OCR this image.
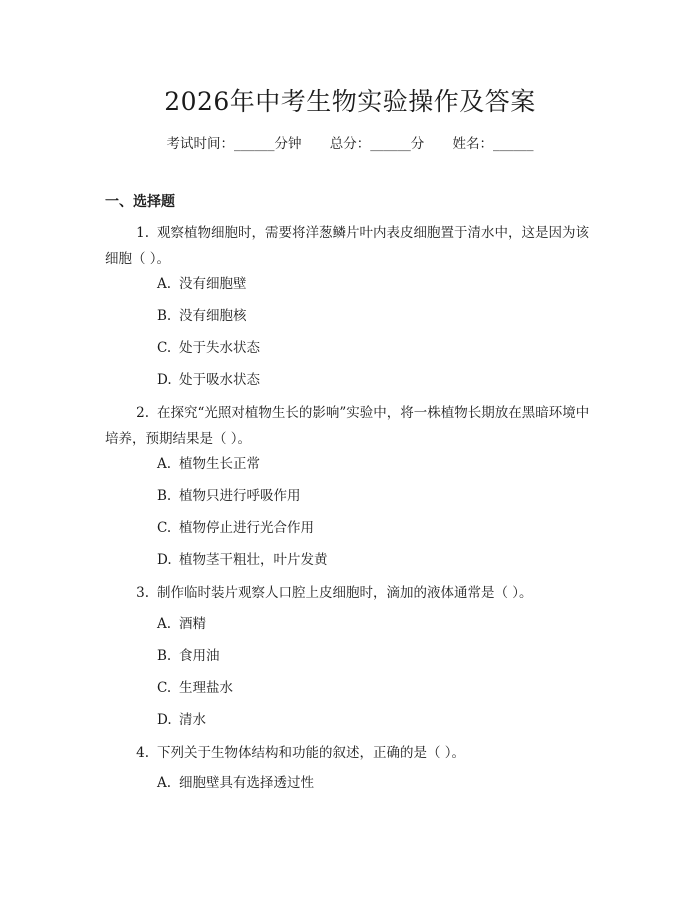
2026年中考生物实验操作及答案
考试时间：______分钟 总分：______分 姓名：______
一、选择题
1. 观察植物细胞时，需要将洋葱鳞片叶内表皮细胞置于清水中，这是因为该细胞（ ）。
A. 没有细胞壁
B. 没有细胞核
C. 处于失水状态
D. 处于吸水状态
2. 在探究“光照对植物生长的影响”实验中，将一株植物长期放在黑暗环境中培养，预期结果是（ ）。
A. 植物生长正常
B. 植物只进行呼吸作用
C. 植物停止进行光合作用
D. 植物茎干粗壮，叶片发黄
3. 制作临时装片观察人口腔上皮细胞时，滴加的液体通常是（ ）。
A. 酒精
B. 食用油
C. 生理盐水
D. 清水
4. 下列关于生物体结构和功能的叙述，正确的是（ ）。
A. 细胞壁具有选择透过性
